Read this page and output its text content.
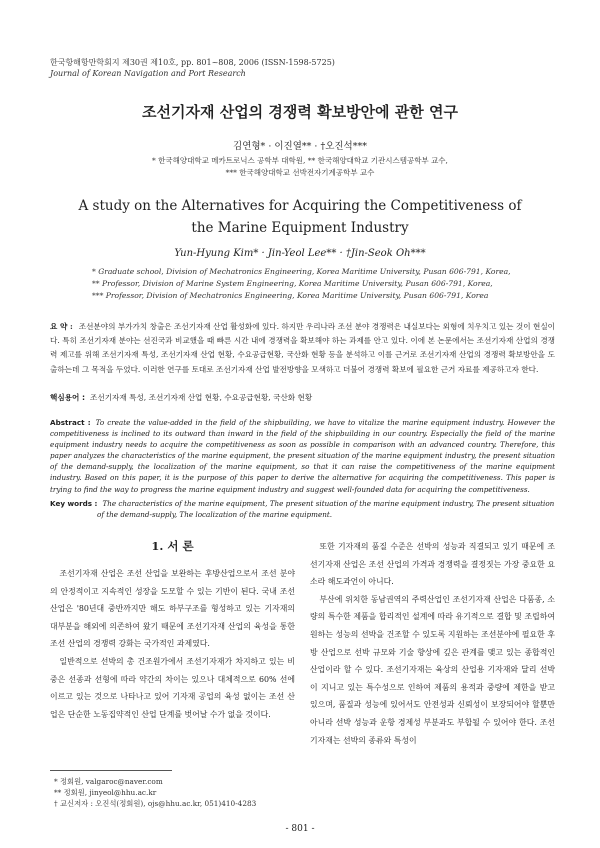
한국항해항만학회지 제30권 제10호, pp. 801~808, 2006 (ISSN-1598-5725)
Journal of Korean Navigation and Port Research
조선기자재 산업의 경쟁력 확보방안에 관한 연구
김연형* · 이진열** · †오진석***
* 한국해양대학교 메카트로닉스 공학부 대학원, ** 한국해양대학교 기관시스템공학부 교수,
*** 한국해양대학교 선박전자기계공학부 교수
A study on the Alternatives for Acquiring the Competitiveness of
the Marine Equipment Industry
Yun-Hyung Kim* · Jin-Yeol Lee** · †Jin-Seok Oh***
* Graduate school, Division of Mechatronics Engineering, Korea Maritime University, Pusan 606-791, Korea,
** Professor, Division of Marine System Engineering, Korea Maritime University, Pusan 606-791, Korea,
*** Professor, Division of Mechatronics Engineering, Korea Maritime University, Pusan 606-791, Korea
요 약 : 조선분야의 부가가치 창출은 조선기자재 산업 활성화에 있다. 하지만 우리나라 조선 분야 경쟁력은 내실보다는 외형에 치우치고 있는 것이 현실이다. 특히 조선기자재 분야는 선진국과 비교했을 때 빠른 시간 내에 경쟁력을 확보해야 하는 과제를 안고 있다. 이에 본 논문에서는 조선기자재 산업의 경쟁력 제고를 위해 조선기자재 특성, 조선기자재 산업 현황, 수요공급현황, 국산화 현황 등을 분석하고 이를 근거로 조선기자재 산업의 경쟁력 확보방안을 도출하는데 그 목적을 두었다. 이러한 연구를 토대로 조선기자재 산업 발전방향을 모색하고 더불어 경쟁력 확보에 필요한 근거 자료를 제공하고자 한다.
핵심용어 : 조선기자재 특성, 조선기자재 산업 현황, 수요공급현황, 국산화 현황
Abstract : To create the value-added in the field of the shipbuilding, we have to vitalize the marine equipment industry. However the competitiveness is inclined to its outward than inward in the field of the shipbuilding in our country. Especially the field of the marine equipment industry needs to acquire the competitiveness as soon as possible in comparison with an advanced country. Therefore, this paper analyzes the characteristics of the marine equipment, the present situation of the marine equipment industry, the present situation of the demand-supply, the localization of the marine equipment, so that it can raise the competitiveness of the marine equipment industry. Based on this paper, it is the purpose of this paper to derive the alternative for acquiring the competitiveness. This paper is trying to find the way to progress the marine equipment industry and suggest well-founded data for acquiring the competitiveness.
Key words : The characteristics of the marine equipment, The present situation of the marine equipment industry, The present situation
of the demand-supply, The localization of the marine equipment.
1. 서 론

조선기자재 산업은 조선 산업을 보완하는 후방산업으로서 조선 분야의 안정적이고 지속적인 성장을 도모할 수 있는 기반이 된다. 국내 조선 산업은 '80년대 중반까지만 해도 하부구조를 형성하고 있는 기자재의 대부분을 해외에 의존하여 왔기 때문에 조선기자재 산업의 육성을 통한 조선 산업의 경쟁력 강화는 국가적인 과제였다.

일반적으로 선박의 총 건조원가에서 조선기자재가 차지하고 있는 비중은 선종과 선형에 따라 약간의 차이는 있으나 대체적으로 60% 선에 이르고 있는 것으로 나타나고 있어 기자재 공업의 육성 없이는 조선 산업은 단순한 노동집약적인 산업 단계를 벗어날 수가 없을 것이다.

또한 기자재의 품질 수준은 선박의 성능과 직결되고 있기 때문에 조선기자재 산업은 조선 산업의 가격과 경쟁력을 결정짓는 가장 중요한 요소라 해도과언이 아니다.

부산에 위치한 동남권역의 주력산업인 조선기자재 산업은 다품종, 소량의 특수한 제품을 합리적인 설계에 따라 유기적으로 결합 및 조립하여 원하는 성능의 선박을 건조할 수 있도록 지원하는 조선분야에 필요한 후방 산업으로 선박 규모와 기술 향상에 깊은 관계를 맺고 있는 종합적인 산업이라 할 수 있다. 조선기자재는 육상의 산업용 기자재와 달리 선박이 지니고 있는 특수성으로 인하여 제품의 용적과 중량에 제한을 받고 있으며, 품질과 성능에 있어서도 안전성과 신뢰성이 보장되어야 할뿐만 아니라 선박 성능과 운항 경제성 부분과도 부합될 수 있어야 한다. 조선기자재는 선박의 종류와 특성이

* 정회원, valgaroc@naver.com
** 정회원, jinyeol@hhu.ac.kr
† 교신저자 : 오진석(정회원), ojs@hhu.ac.kr, 051)410-4283
- 801 -
